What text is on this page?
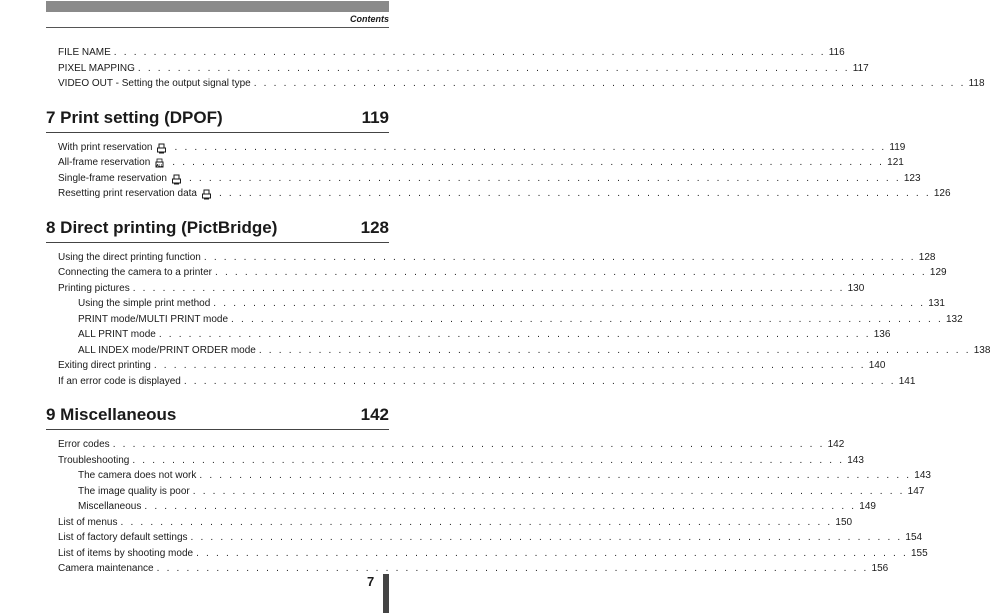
Contents
FILE NAME . . . . . . . . . . . . . . . . . . . . . . . . . . . . . . . . . . . . . . . . . . . . . . . . . . . . . . . . . . . . . . . . . . . . . . . . 116
PIXEL MAPPING . . . . . . . . . . . . . . . . . . . . . . . . . . . . . . . . . . . . . . . . . . . . . . . . . . . . . . . . . . . . . . . . . . . . . . . . 117
VIDEO OUT - Setting the output signal type . . . . . . . . . . . . . . . . . . . . . . . . . . . . . . . . . . . . . . . . . . . . . . . . . . . . . . . . . . . . . . . . . . . . . . . . 118
7 Print setting (DPOF)	119
With print reservation . . . . . . . . . . . . . . . . . . . . . . . . . . . . . . . . . . . . . . . . . . . . . . . . . . . . . . . . . . . . . . . . . . . . . . . . 119
All-frame reservation ALL . . . . . . . . . . . . . . . . . . . . . . . . . . . . . . . . . . . . . . . . . . . . . . . . . . . . . . . . . . . . . . . . . . . . . . . . 121
Single-frame reservation . . . . . . . . . . . . . . . . . . . . . . . . . . . . . . . . . . . . . . . . . . . . . . . . . . . . . . . . . . . . . . . . . . . . . . . . 123
Resetting print reservation data . . . . . . . . . . . . . . . . . . . . . . . . . . . . . . . . . . . . . . . . . . . . . . . . . . . . . . . . . . . . . . . . . . . . . . . . 126
8 Direct printing (PictBridge)	128
Using the direct printing function . . . . . . . . . . . . . . . . . . . . . . . . . . . . . . . . . . . . . . . . . . . . . . . . . . . . . . . . . . . . . . . . . . . . . . . . 128
Connecting the camera to a printer . . . . . . . . . . . . . . . . . . . . . . . . . . . . . . . . . . . . . . . . . . . . . . . . . . . . . . . . . . . . . . . . . . . . . . . . 129
Printing pictures . . . . . . . . . . . . . . . . . . . . . . . . . . . . . . . . . . . . . . . . . . . . . . . . . . . . . . . . . . . . . . . . . . . . . . . . 130
Using the simple print method . . . . . . . . . . . . . . . . . . . . . . . . . . . . . . . . . . . . . . . . . . . . . . . . . . . . . . . . . . . . . . . . . . . . . . . . 131
PRINT mode/MULTI PRINT mode . . . . . . . . . . . . . . . . . . . . . . . . . . . . . . . . . . . . . . . . . . . . . . . . . . . . . . . . . . . . . . . . . . . . . . . . 132
ALL PRINT mode . . . . . . . . . . . . . . . . . . . . . . . . . . . . . . . . . . . . . . . . . . . . . . . . . . . . . . . . . . . . . . . . . . . . . . . . 136
ALL INDEX mode/PRINT ORDER mode . . . . . . . . . . . . . . . . . . . . . . . . . . . . . . . . . . . . . . . . . . . . . . . . . . . . . . . . . . . . . . . . . . . . . . . . 138
Exiting direct printing . . . . . . . . . . . . . . . . . . . . . . . . . . . . . . . . . . . . . . . . . . . . . . . . . . . . . . . . . . . . . . . . . . . . . . . . 140
If an error code is displayed . . . . . . . . . . . . . . . . . . . . . . . . . . . . . . . . . . . . . . . . . . . . . . . . . . . . . . . . . . . . . . . . . . . . . . . . 141
9 Miscellaneous	142
Error codes . . . . . . . . . . . . . . . . . . . . . . . . . . . . . . . . . . . . . . . . . . . . . . . . . . . . . . . . . . . . . . . . . . . . . . . . 142
Troubleshooting . . . . . . . . . . . . . . . . . . . . . . . . . . . . . . . . . . . . . . . . . . . . . . . . . . . . . . . . . . . . . . . . . . . . . . . . 143
The camera does not work . . . . . . . . . . . . . . . . . . . . . . . . . . . . . . . . . . . . . . . . . . . . . . . . . . . . . . . . . . . . . . . . . . . . . . . . 143
The image quality is poor . . . . . . . . . . . . . . . . . . . . . . . . . . . . . . . . . . . . . . . . . . . . . . . . . . . . . . . . . . . . . . . . . . . . . . . . 147
Miscellaneous . . . . . . . . . . . . . . . . . . . . . . . . . . . . . . . . . . . . . . . . . . . . . . . . . . . . . . . . . . . . . . . . . . . . . . . . 149
List of menus . . . . . . . . . . . . . . . . . . . . . . . . . . . . . . . . . . . . . . . . . . . . . . . . . . . . . . . . . . . . . . . . . . . . . . . . 150
List of factory default settings . . . . . . . . . . . . . . . . . . . . . . . . . . . . . . . . . . . . . . . . . . . . . . . . . . . . . . . . . . . . . . . . . . . . . . . . 154
List of items by shooting mode . . . . . . . . . . . . . . . . . . . . . . . . . . . . . . . . . . . . . . . . . . . . . . . . . . . . . . . . . . . . . . . . . . . . . . . . 155
Camera maintenance . . . . . . . . . . . . . . . . . . . . . . . . . . . . . . . . . . . . . . . . . . . . . . . . . . . . . . . . . . . . . . . . . . . . . . . . 156
7
